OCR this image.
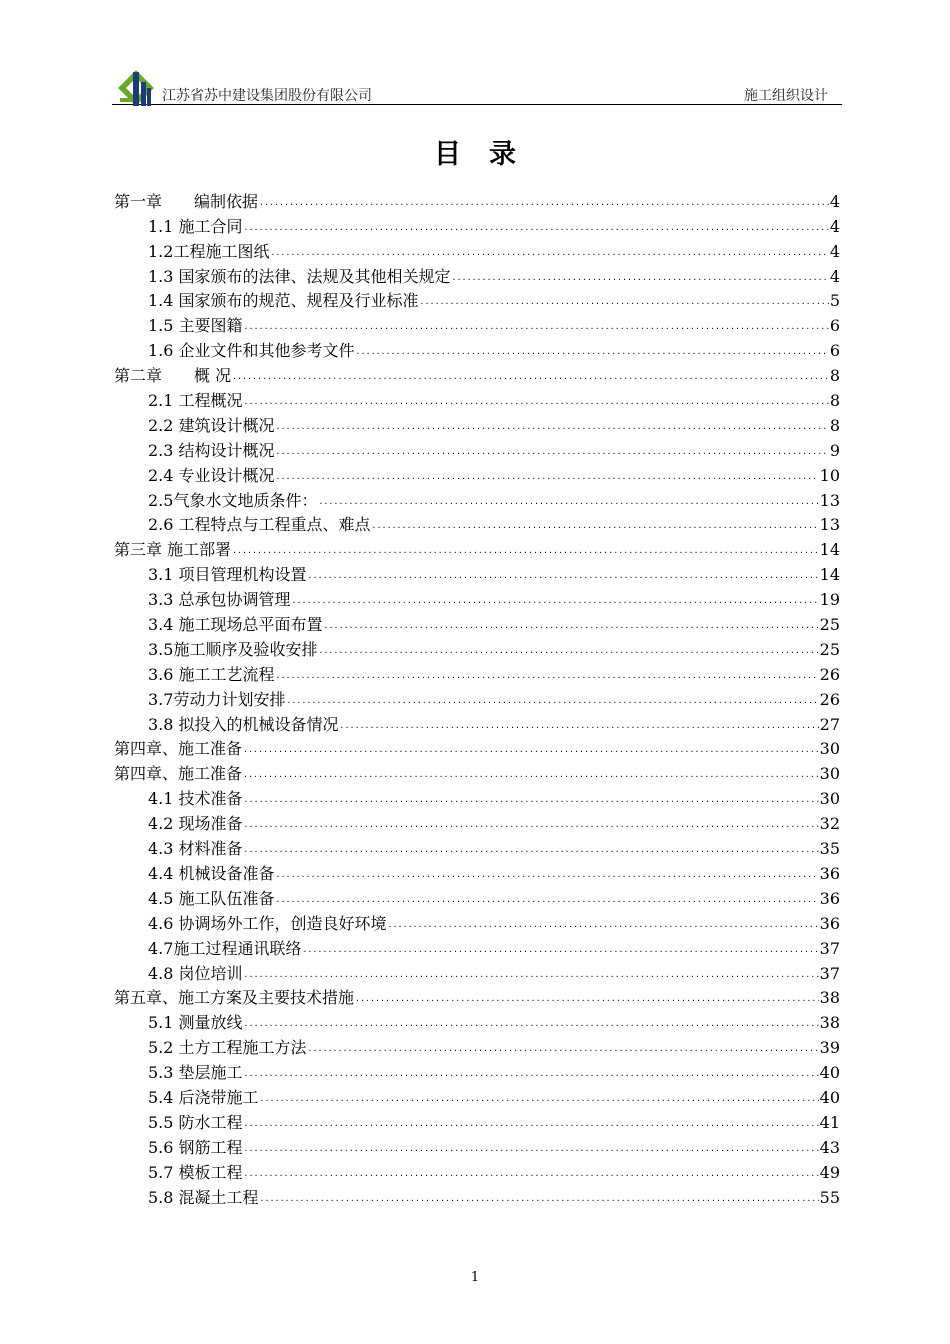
江苏省苏中建设集团股份有限公司	施工组织设计
目录
第一章　　编制依据 .....	4
1.1 施工合同 .....	4
1.2工程施工图纸 .....	4
1.3 国家颁布的法律、法规及其他相关规定 .....	4
1.4 国家颁布的规范、规程及行业标准 .....	5
1.5 主要图籍 .....	6
1.6 企业文件和其他参考文件 .....	6
第二章　　概 况 .....	8
2.1 工程概况 .....	8
2.2 建筑设计概况 .....	8
2.3 结构设计概况 .....	9
2.4 专业设计概况 .....	10
2.5气象水文地质条件： .....	13
2.6 工程特点与工程重点、难点 .....	13
第三章 施工部署 .....	14
3.1 项目管理机构设置 .....	14
3.3 总承包协调管理 .....	19
3.4 施工现场总平面布置 .....	25
3.5施工顺序及验收安排 .....	25
3.6 施工工艺流程 .....	26
3.7劳动力计划安排 .....	26
3.8 拟投入的机械设备情况 .....	27
第四章、施工准备 .....	30
第四章、施工准备 .....	30
4.1 技术准备 .....	30
4.2 现场准备 .....	32
4.3 材料准备 .....	35
4.4 机械设备准备 .....	36
4.5 施工队伍准备 .....	36
4.6 协调场外工作，创造良好环境 .....	36
4.7施工过程通讯联络 .....	37
4.8 岗位培训 .....	37
第五章、施工方案及主要技术措施 .....	38
5.1 测量放线 .....	38
5.2 土方工程施工方法 .....	39
5.3 垫层施工 .....	40
5.4 后浇带施工 .....	40
5.5 防水工程 .....	41
5.6 钢筋工程 .....	43
5.7 模板工程 .....	49
5.8 混凝土工程 .....	55
1
